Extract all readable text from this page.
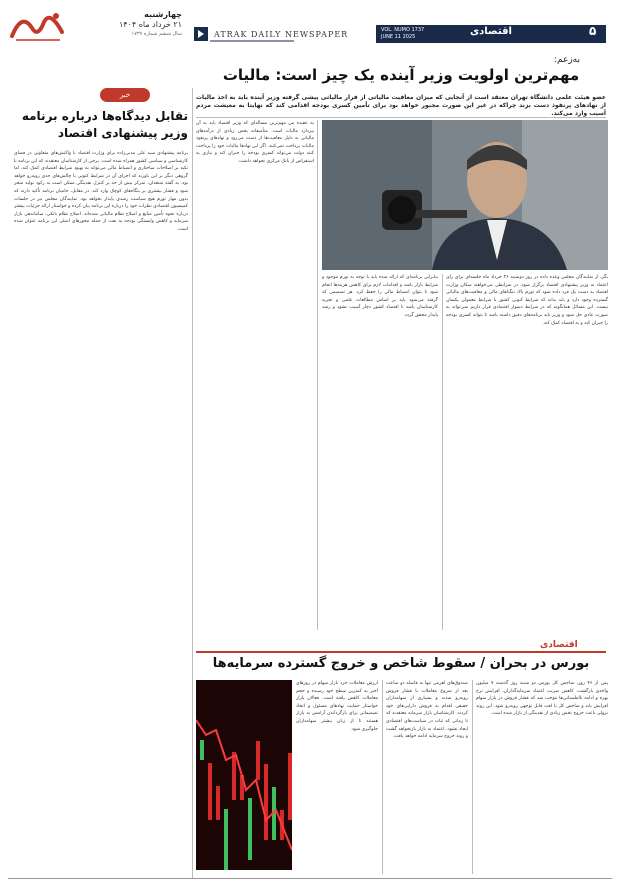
چهارشنبه
۲۱ خرداد ماه ۱۴۰۴
سال ششم شماره ۱۷۳۷	ATRAK DAILY NEWSPAPER	VOL. NUMO 1737
JUNE 11 2025	اقتصادی	۵
به‌زعم:
مهم‌ترین اولویت وزیر آینده یک چیز است: مالیات
عضو هیئت علمی دانشگاه تهران معتقد است از آنجایی که میزان معافیت مالیاتی از فرار مالیاتی پیشی گرفته وزیر آینده باید به اخذ مالیات از نهادهای پرنفوذ دست بزند چراکه در غیر این صورت مجبور خواهد بود برای تأمین کسری بودجه اقدامی کند که نهایتا به معیشت مردم آسیب وارد می‌کند.
بگی از نمایندگان مجلس وعده داده در روز دوشنبه ۲۶ خرداد ماه جلسه‌ای برای رأی اعتماد به وزیر پیشنهادی اقتصاد برگزار شود. در شرایطی می‌خواهند سکان وزارت اقتصاد به دست یک فرد داده شود که تورم بالا، تنگناهای مالی و معافیت‌های مالیاتی گسترده وجود دارد و باید بداند که شرایط کنونی کشور با شرایط معمولی یکسان نیست. این مسائل همانگونه که در شرایط دشوار اقتصادی قرار داریم نمی‌تواند به صورت عادی حل شود و وزیر باید برنامه‌های دقیق داشته باشد تا بتواند کسری بودجه را جبران کند و به اقتصاد کمک کند.
بنابراین برنامه‌ای که ارائه شده باید با توجه به تورم موجود و شرایط بازار باشد و اقدامات لازم برای کاهش هزینه‌ها انجام شود تا بتوان انضباط مالی را حفظ کرد. هر تصمیمی که گرفته می‌شود باید بر اساس مطالعات علمی و تجربه کارشناسان باشد تا اقتصاد کشور دچار آسیب نشود و رشد پایدار محقق گردد.
به عقیده من مهم‌ترین مسأله‌ای که وزیر اقتصاد باید به آن بپردازد مالیات است. متأسفانه بخش زیادی از درآمدهای مالیاتی به دلیل معافیت‌ها از دست می‌رود و نهادهای پرنفوذ مالیات پرداخت نمی‌کنند. اگر این نهادها مالیات خود را پرداخت کنند دولت می‌تواند کسری بودجه را جبران کند و نیازی به استقراض از بانک مرکزی نخواهد داشت.
خبر
تقابل دیدگاه‌ها درباره برنامه وزیر پیشنهادی اقتصاد
برنامه پیشنهادی سید علی مدنی‌زاده برای وزارت اقتصاد با واکنش‌های متفاوتی در فضای کارشناسی و سیاسی کشور همراه شده است. برخی از کارشناسان معتقدند که این برنامه با تکیه بر اصلاحات ساختاری و انضباط مالی می‌تواند به بهبود شرایط اقتصادی کمک کند، اما گروهی دیگر بر این باورند که اجرای آن در شرایط کنونی با چالش‌های جدی روبه‌رو خواهد بود. به گفته منتقدان، تمرکز بیش از حد بر کنترل نقدینگی ممکن است به رکود تولید منجر شود و فشار بیشتری بر بنگاه‌های کوچک وارد کند. در مقابل، حامیان برنامه تأکید دارند که بدون مهار تورم هیچ سیاست رشدی پایدار نخواهد بود. نمایندگان مجلس نیز در جلسات کمیسیون اقتصادی نظرات خود را درباره این برنامه بیان کرده و خواستار ارائه جزئیات بیشتر درباره نحوه تأمین منابع و اصلاح نظام مالیاتی شده‌اند. اصلاح نظام بانکی، ساماندهی بازار سرمایه و کاهش وابستگی بودجه به نفت از جمله محورهای اصلی این برنامه عنوان شده است.
اقتصادی
بورس در بحران / سقوط شاخص و خروج گسترده سرمایه‌ها
پس از ۴۶ روز، شاخص کل بورس دو شنبه روز گذشته ۷ میلیون واحدی بازگشت. کاهش ضریب اعتماد سرمایه‌گذاران، افزایش نرخ بهره و ادامه نااطمینانی‌ها موجب شد که فشار فروش در بازار سهام افزایش یابد و شاخص کل با افت قابل توجهی روبه‌رو شود. این روند نزولی باعث خروج بخش زیادی از نقدینگی از بازار شده است.
صندوق‌های اهرمی تنها به فاصله دو ساعت بعد از شروع معاملات با فشار فروش روبه‌رو شدند و بسیاری از سهامداران حقیقی اقدام به فروش دارایی‌های خود کردند. کارشناسان بازار سرمایه معتقدند که تا زمانی که ثبات در سیاست‌های اقتصادی ایجاد نشود، اعتماد به بازار بازنخواهد گشت و روند خروج سرمایه ادامه خواهد یافت.
ارزش معاملات خرد بازار سهام در روزهای اخیر به کمترین سطح خود رسیده و حجم معاملات کاهش یافته است. فعالان بازار خواستار حمایت نهادهای مسئول و اتخاذ تصمیماتی برای بازگرداندن آرامش به بازار هستند تا از زیان بیشتر سهامداران جلوگیری شود.
